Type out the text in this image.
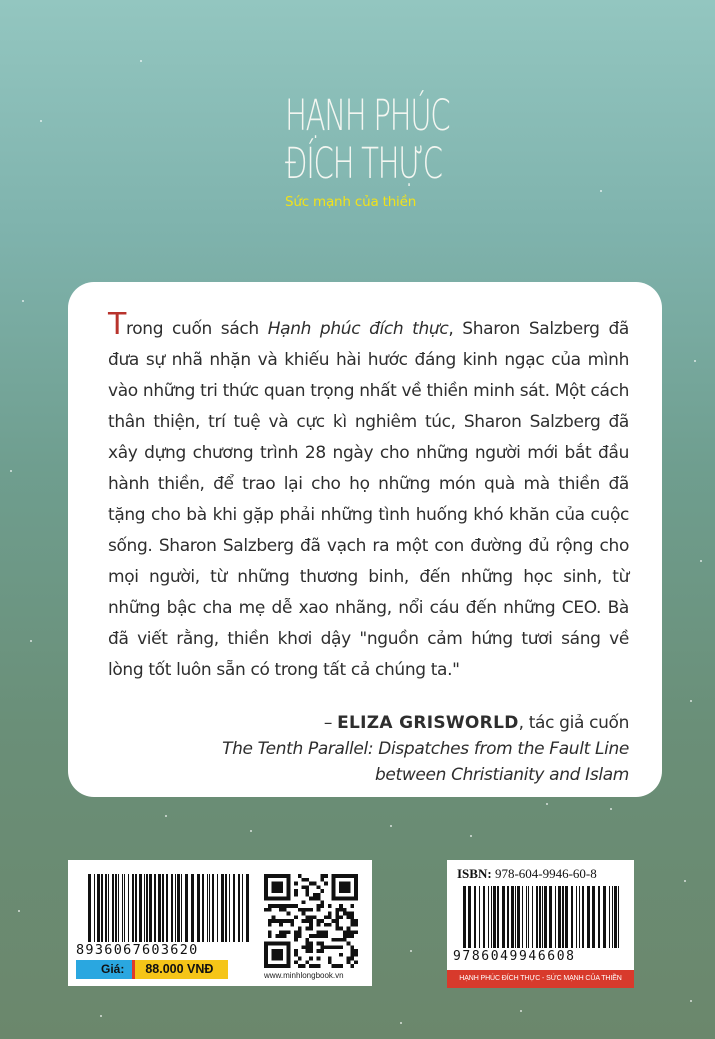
HẠNH PHÚC
ĐÍCH THỰC
Sức mạnh của thiền

Trong cuốn sách Hạnh phúc đích thực, Sharon Salzberg đã đưa sự nhã nhặn và khiếu hài hước đáng kinh ngạc của mình vào những tri thức quan trọng nhất về thiền minh sát. Một cách thân thiện, trí tuệ và cực kì nghiêm túc, Sharon Salzberg đã xây dựng chương trình 28 ngày cho những người mới bắt đầu hành thiền, để trao lại cho họ những món quà mà thiền đã tặng cho bà khi gặp phải những tình huống khó khăn của cuộc sống. Sharon Salzberg đã vạch ra một con đường đủ rộng cho mọi người, từ những thương binh, đến những học sinh, từ những bậc cha mẹ dễ xao nhãng, nổi cáu đến những CEO. Bà đã viết rằng, thiền khơi dậy "nguồn cảm hứng tươi sáng về lòng tốt luôn sẵn có trong tất cả chúng ta."

– ELIZA GRISWORLD, tác giả cuốn
The Tenth Parallel: Dispatches from the Fault Line
between Christianity and Islam
8936067603620
www.minhlongbook.vn
Giá:	88.000 VNĐ
ISBN: 978-604-9946-60-8
9786049946608
HẠNH PHÚC ĐÍCH THỰC - SỨC MẠNH CỦA THIỀN
